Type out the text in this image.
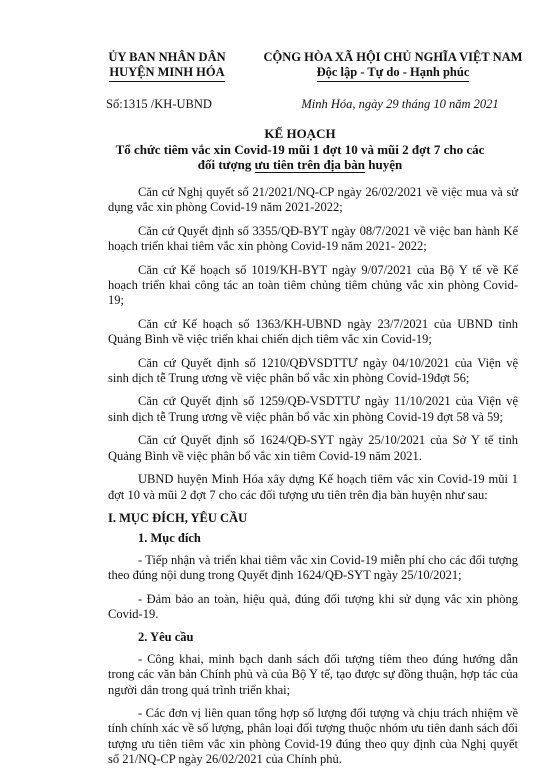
ỦY BAN NHÂN DÂN
HUYỆN MINH HÓA
CỘNG HÒA XÃ HỘI CHỦ NGHĨA VIỆT NAM
Độc lập - Tự do - Hạnh phúc
Số:1315 /KH-UBND	Minh Hóa, ngày 29 tháng 10 năm 2021
KẾ HOẠCH
Tổ chức tiêm vắc xin Covid-19 mũi 1 đợt 10 và mũi 2 đợt 7 cho các
đối tượng ưu tiên trên địa bàn huyện

Căn cứ Nghị quyết số 21/2021/NQ-CP ngày 26/02/2021 về việc mua và sử dụng vắc xin phòng Covid-19 năm 2021-2022;

Căn cứ Quyết định số 3355/QĐ-BYT ngày 08/7/2021 về việc ban hành Kế hoạch triển khai tiêm vắc xin phòng Covid-19 năm 2021- 2022;

Căn cứ Kế hoạch số 1019/KH-BYT ngày 9/07/2021 của Bộ Y tế về Kế hoạch triển khai công tác an toàn tiêm chủng tiêm chủng vắc xin phòng Covid-19;

Căn cứ Kế hoạch số 1363/KH-UBND ngày 23/7/2021 của UBND tỉnh Quảng Bình về việc triển khai chiến dịch tiêm vắc xin Covid-19;

Căn cứ Quyết định số 1210/QĐVSDTTƯ ngày 04/10/2021 của Viện vệ sinh dịch tễ Trung ương về việc phân bổ vắc xin phòng Covid-19đợt 56;

Căn cứ Quyết định số 1259/QĐ-VSDTTƯ ngày 11/10/2021 của Viện vệ sinh dịch tễ Trung ương về việc phân bổ vắc xin phòng Covid-19 đợt 58 và 59;

Căn cứ Quyết định số 1624/QĐ-SYT ngày 25/10/2021 của Sở Y tế tỉnh Quảng Bình về việc phân bổ vắc xin tiêm Covid-19 năm 2021.

UBND huyện Minh Hóa xây dựng Kế hoạch tiêm vắc xin Covid-19 mũi 1 đợt 10 và mũi 2 đợt 7 cho các đối tượng ưu tiên trên địa bàn huyện như sau:

I. MỤC ĐÍCH, YÊU CẦU
1. Mục đích

- Tiếp nhận và triển khai tiêm vắc xin Covid-19 miễn phí cho các đối tượng theo đúng nội dung trong Quyết định 1624/QĐ-SYT ngày 25/10/2021;

- Đảm bảo an toàn, hiệu quả, đúng đối tượng khi sử dụng vắc xin phòng Covid-19.

2. Yêu cầu

- Công khai, minh bạch danh sách đối tượng tiêm theo đúng hướng dẫn trong các văn bản Chính phủ và của Bộ Y tế, tạo được sự đồng thuận, hợp tác của người dân trong quá trình triển khai;

- Các đơn vị liên quan tổng hợp số lượng đối tượng và chịu trách nhiệm về tính chính xác về số lượng, phân loại đối tượng thuộc nhóm ưu tiên danh sách đối tượng ưu tiên tiêm vắc xin phòng Covid-19 đúng theo quy định của Nghị quyết số 21/NQ-CP ngày 26/02/2021 của Chính phủ.
